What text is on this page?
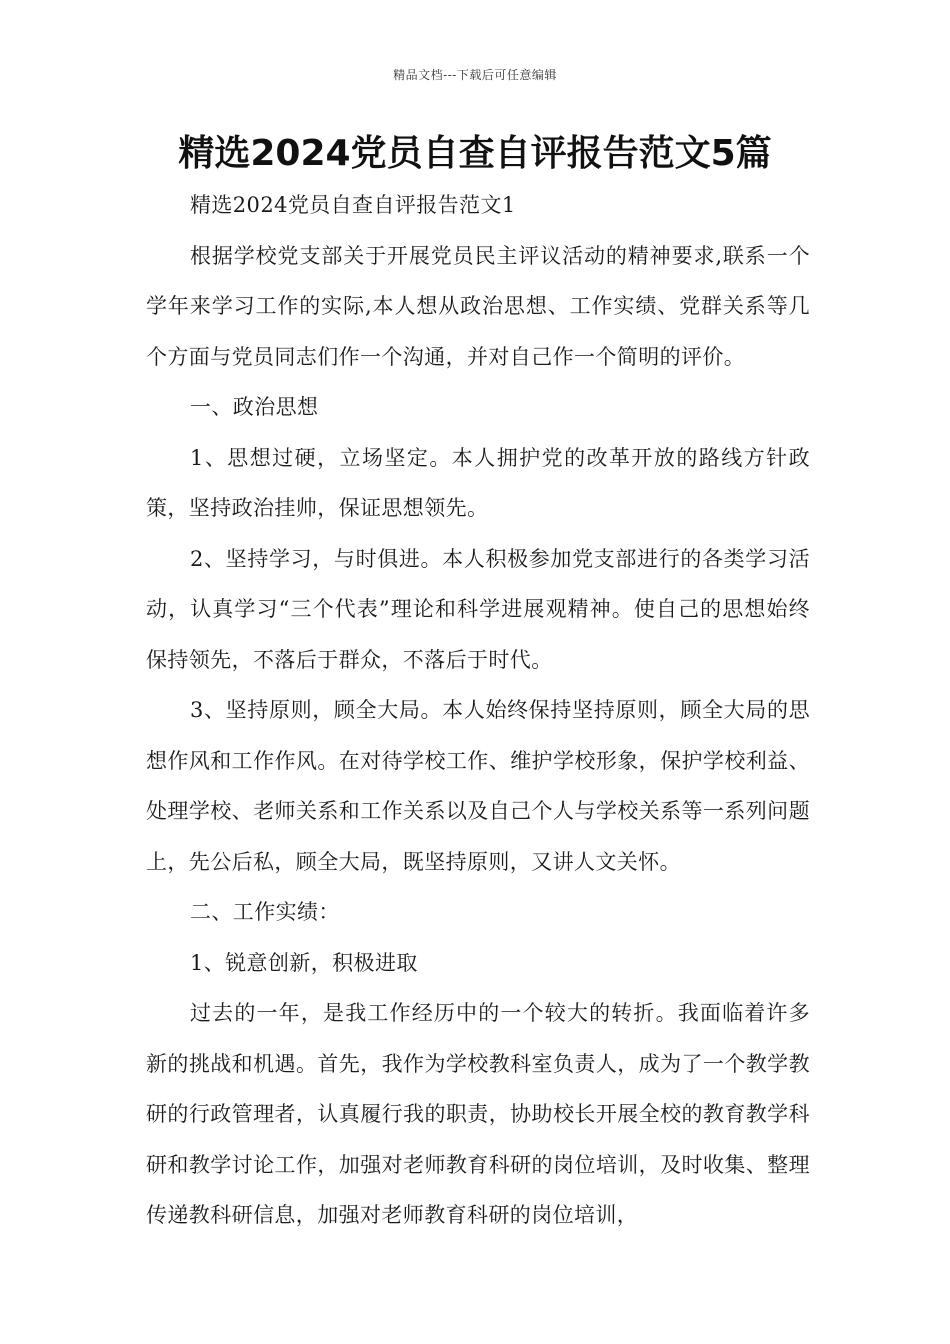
精品文档---下载后可任意编辑
精选2024党员自查自评报告范文5篇

精选2024党员自查自评报告范文1

根据学校党支部关于开展党员民主评议活动的精神要求,联系一个学年来学习工作的实际,本人想从政治思想、工作实绩、党群关系等几个方面与党员同志们作一个沟通，并对自己作一个简明的评价。

一、政治思想

1、思想过硬，立场坚定。本人拥护党的改革开放的路线方针政策，坚持政治挂帅，保证思想领先。

2、坚持学习，与时俱进。本人积极参加党支部进行的各类学习活动，认真学习“三个代表”理论和科学进展观精神。使自己的思想始终保持领先，不落后于群众，不落后于时代。

3、坚持原则，顾全大局。本人始终保持坚持原则，顾全大局的思想作风和工作作风。在对待学校工作、维护学校形象，保护学校利益、处理学校、老师关系和工作关系以及自己个人与学校关系等一系列问题上，先公后私，顾全大局，既坚持原则，又讲人文关怀。

二、工作实绩：

1、锐意创新，积极进取

过去的一年，是我工作经历中的一个较大的转折。我面临着许多新的挑战和机遇。首先，我作为学校教科室负责人，成为了一个教学教研的行政管理者，认真履行我的职责，协助校长开展全校的教育教学科研和教学讨论工作，加强对老师教育科研的岗位培训，及时收集、整理传递教科研信息，加强对老师教育科研的岗位培训，
